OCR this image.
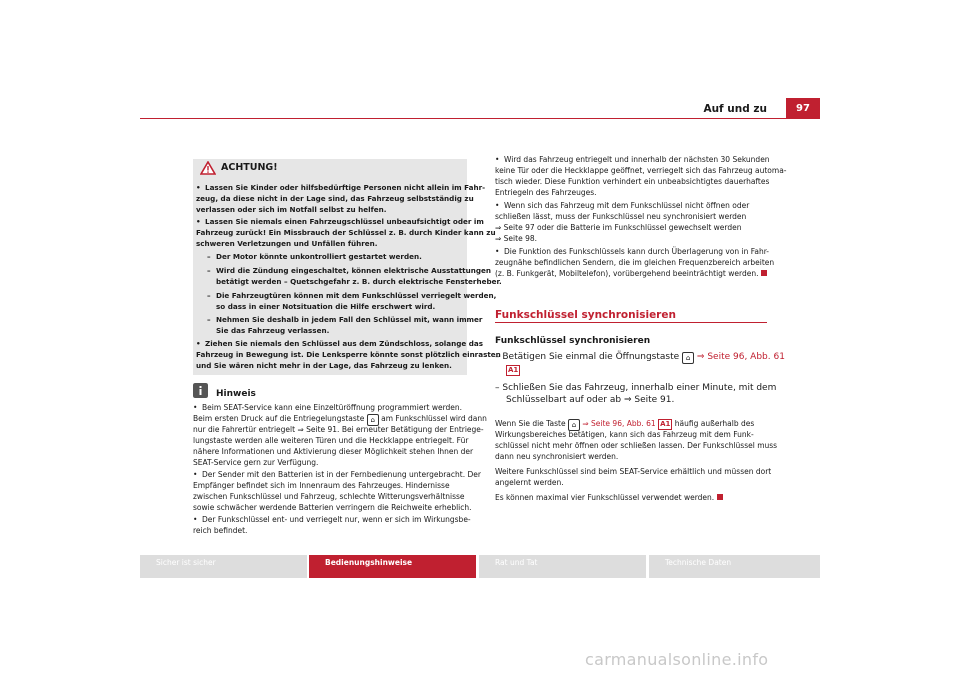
Auf und zu	97
ACHTUNG!
• Lassen Sie Kinder oder hilfsbedürftige Personen nicht allein im Fahr-
zeug, da diese nicht in der Lage sind, das Fahrzeug selbstständig zu
verlassen oder sich im Notfall selbst zu helfen.
• Lassen Sie niemals einen Fahrzeugschlüssel unbeaufsichtigt oder im
Fahrzeug zurück! Ein Missbrauch der Schlüssel z. B. durch Kinder kann zu
schweren Verletzungen und Unfällen führen.
– Der Motor könnte unkontrolliert gestartet werden.
– Wird die Zündung eingeschaltet, können elektrische Ausstattungen
betätigt werden – Quetschgefahr z. B. durch elektrische Fensterheber.
– Die Fahrzeugtüren können mit dem Funkschlüssel verriegelt werden,
so dass in einer Notsituation die Hilfe erschwert wird.
– Nehmen Sie deshalb in jedem Fall den Schlüssel mit, wann immer
Sie das Fahrzeug verlassen.
• Ziehen Sie niemals den Schlüssel aus dem Zündschloss, solange das
Fahrzeug in Bewegung ist. Die Lenksperre könnte sonst plötzlich einrasten
und Sie wären nicht mehr in der Lage, das Fahrzeug zu lenken.
Hinweis
• Beim SEAT-Service kann eine Einzeltüröffnung programmiert werden.
Beim ersten Druck auf die Entriegelungstaste ⌂ am Funkschlüssel wird dann
nur die Fahrertür entriegelt ⇒ Seite 91. Bei erneuter Betätigung der Entriege-
lungstaste werden alle weiteren Türen und die Heckklappe entriegelt. Für
nähere Informationen und Aktivierung dieser Möglichkeit stehen Ihnen der
SEAT-Service gern zur Verfügung.
• Der Sender mit den Batterien ist in der Fernbedienung untergebracht. Der
Empfänger befindet sich im Innenraum des Fahrzeuges. Hindernisse
zwischen Funkschlüssel und Fahrzeug, schlechte Witterungsverhältnisse
sowie schwächer werdende Batterien verringern die Reichweite erheblich.
• Der Funkschlüssel ent- und verriegelt nur, wenn er sich im Wirkungsbe-
reich befindet.
• Wird das Fahrzeug entriegelt und innerhalb der nächsten 30 Sekunden
keine Tür oder die Heckklappe geöffnet, verriegelt sich das Fahrzeug automa-
tisch wieder. Diese Funktion verhindert ein unbeabsichtigtes dauerhaftes
Entriegeln des Fahrzeuges.
• Wenn sich das Fahrzeug mit dem Funkschlüssel nicht öffnen oder
schließen lässt, muss der Funkschlüssel neu synchronisiert werden
⇒ Seite 97 oder die Batterie im Funkschlüssel gewechselt werden
⇒ Seite 98.
• Die Funktion des Funkschlüssels kann durch Überlagerung von in Fahr-
zeugnähe befindlichen Sendern, die im gleichen Frequenzbereich arbeiten
(z. B. Funkgerät, Mobiltelefon), vorübergehend beeinträchtigt werden.
Funkschlüssel synchronisieren
Funkschlüssel synchronisieren
– Betätigen Sie einmal die Öffnungstaste ⌂ ⇒ Seite 96, Abb. 61
A1
– Schließen Sie das Fahrzeug, innerhalb einer Minute, mit dem
Schlüsselbart auf oder ab ⇒ Seite 91.
Wenn Sie die Taste ⌂ ⇒ Seite 96, Abb. 61 A1 häufig außerhalb des
Wirkungsbereiches betätigen, kann sich das Fahrzeug mit dem Funk-
schlüssel nicht mehr öffnen oder schließen lassen. Der Funkschlüssel muss
dann neu synchronisiert werden.
Weitere Funkschlüssel sind beim SEAT-Service erhältlich und müssen dort
angelernt werden.
Es können maximal vier Funkschlüssel verwendet werden.
Sicher ist sicher	Bedienungshinweise	Rat und Tat	Technische Daten
carmanualsonline.info
